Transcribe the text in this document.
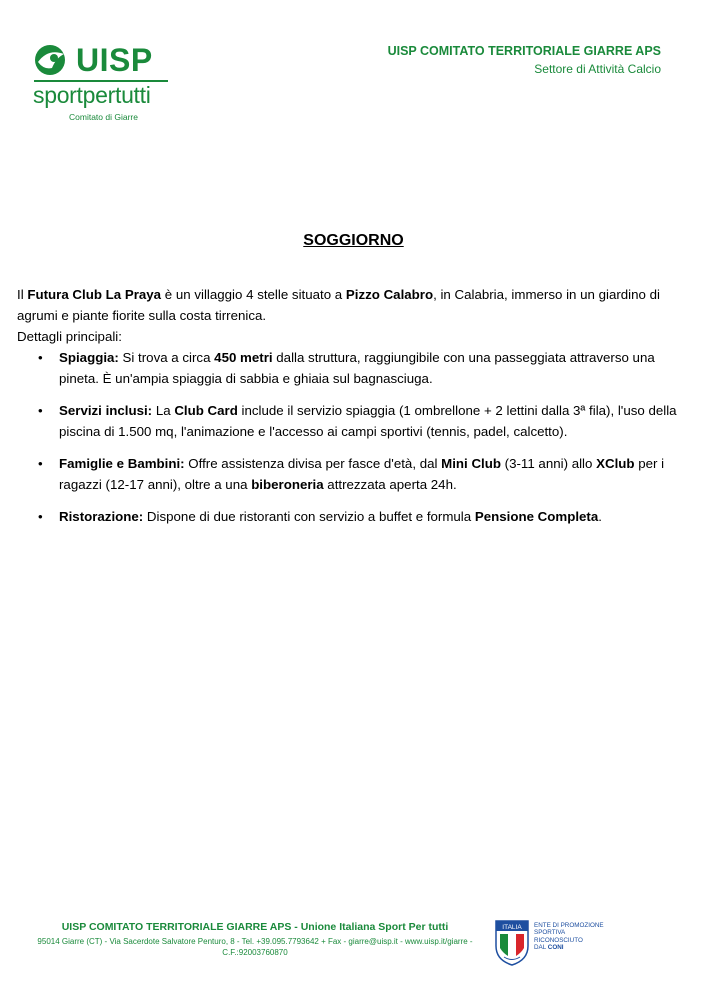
UISP
sportpertutti
Comitato di Giarre
UISP COMITATO TERRITORIALE GIARRE APS
Settore di Attività Calcio
SOGGIORNO

Il Futura Club La Praya è un villaggio 4 stelle situato a Pizzo Calabro, in Calabria, immerso in un giardino di agrumi e piante fiorite sulla costa tirrenica.

Dettagli principali:

• Spiaggia: Si trova a circa 450 metri dalla struttura, raggiungibile con una passeggiata attraverso una pineta. È un'ampia spiaggia di sabbia e ghiaia sul bagnasciuga.
• Servizi inclusi: La Club Card include il servizio spiaggia (1 ombrellone + 2 lettini dalla 3ª fila), l'uso della piscina di 1.500 mq, l'animazione e l'accesso ai campi sportivi (tennis, padel, calcetto).
• Famiglie e Bambini: Offre assistenza divisa per fasce d'età, dal Mini Club (3-11 anni) allo XClub per i ragazzi (12-17 anni), oltre a una biberoneria attrezzata aperta 24h.
• Ristorazione: Dispone di due ristoranti con servizio a buffet e formula Pensione Completa.
UISP COMITATO TERRITORIALE GIARRE APS - Unione Italiana Sport Per tutti
95014 Giarre (CT) - Via Sacerdote Salvatore Penturo, 8 - Tel. +39.095.7793642 + Fax - giarre@uisp.it - www.uisp.it/giarre - C.F.:92003760870
ITALIA ENTE DI PROMOZIONE
SPORTIVA
RICONOSCIUTO
DAL CONI
